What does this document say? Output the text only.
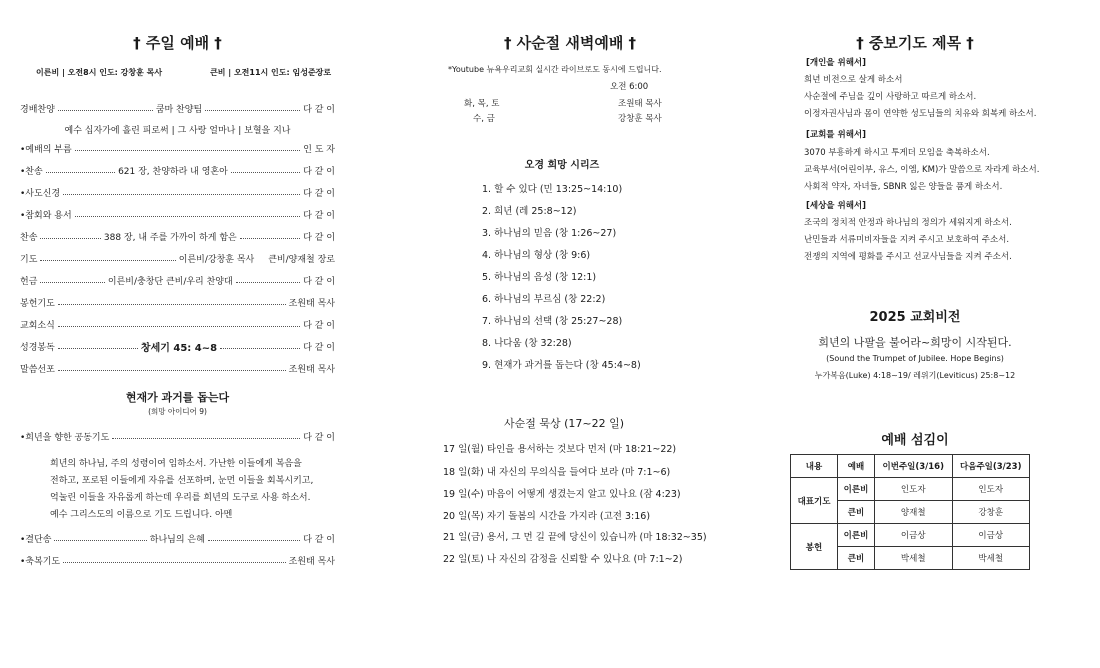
† 주일 예배 †
이른비 | 오전8시 인도: 강창훈 목사	큰비 | 오전11시 인도: 임성준장로
경배찬양	쿰마 찬양팀	다 같 이
예수 십자가에 흘린 피로써 | 그 사랑 얼마나 | 보혈을 지나
•예배의 부름	인 도 자
•찬송	621 장, 찬양하라 내 영혼아	다 같 이
•사도신경	다 같 이
•참회와 용서	다 같 이
찬송	388 장, 내 주를 가까이 하게 함은	다 같 이
기도	이른비/강창훈 목사 큰비/양재철 장로
헌금	이른비/충창단 큰비/우리 찬양대	다 같 이
봉헌기도	조원태 목사
교회소식	다 같 이
성경봉독	창세기 45: 4~8	다 같 이
말씀선포	조원태 목사
현재가 과거를 돕는다
(희망 아이디어 9)
•희년을 향한 공동기도	다 같 이
희년의 하나님, 주의 성령이여 임하소서. 가난한 이들에게 복음을
전하고, 포로된 이들에게 자유를 선포하며, 눈먼 이들을 회복시키고,
억눌린 이들을 자유롭게 하는데 우리를 희년의 도구로 사용 하소서.
예수 그리스도의 이름으로 기도 드립니다. 아멘
•결단송	하나님의 은혜	다 같 이
•축복기도	조원태 목사
† 사순절 새벽예배 †
*Youtube 뉴욕우리교회 실시간 라이브로도 동시에 드립니다.
오전 6:00
화, 목, 토	조원태 목사
수, 금	강창훈 목사
오경 희망 시리즈
1. 할 수 있다 (민 13:25~14:10)
2. 희년 (레 25:8~12)
3. 하나님의 믿음 (창 1:26~27)
4. 하나님의 형상 (창 9:6)
5. 하나님의 음성 (창 12:1)
6. 하나님의 부르심 (창 22:2)
7. 하나님의 선택 (창 25:27~28)
8. 나다움 (창 32:28)
9. 현재가 과거를 돕는다 (창 45:4~8)
사순절 묵상 (17~22 일)
17 일(월) 타인을 용서하는 것보다 먼저 (마 18:21~22)
18 일(화) 내 자신의 무의식을 들여다 보라 (마 7:1~6)
19 일(수) 마음이 어떻게 생겼는지 알고 있나요 (잠 4:23)
20 일(목) 자기 돌봄의 시간을 가지라 (고전 3:16)
21 일(금) 용서, 그 먼 길 끝에 당신이 있습니까 (마 18:32~35)
22 일(토) 나 자신의 감정을 신뢰할 수 있나요 (마 7:1~2)
† 중보기도 제목 †
[개인을 위해서]
희년 비전으로 살게 하소서
사순절에 주님을 깊이 사랑하고 따르게 하소서.
이정자권사님과 몸이 연약한 성도님들의 치유와 회복케 하소서.
[교회를 위해서]
3070 부흥하게 하시고 투게더 모임을 축복하소서.
교육부서(어린이부, 유스, 이엠, KM)가 말씀으로 자라게 하소서.
사회적 약자, 자녀들, SBNR 잃은 양들을 품게 하소서.
[세상을 위해서]
조국의 정치적 안정과 하나님의 정의가 세워지게 하소서.
난민들과 서류미비자들을 지켜 주시고 보호하여 주소서.
전쟁의 지역에 평화를 주시고 선교사님들을 지켜 주소서.
2025 교회비전
희년의 나팔을 불어라~희망이 시작된다.
(Sound the Trumpet of Jubilee. Hope Begins)
누가복음(Luke) 4:18~19/ 레위기(Leviticus) 25:8~12
예배 섬김이
내용	예배	이번주일(3/16)	다음주일(3/23)
대표기도	이른비	인도자	인도자
	큰비	양재철	강창훈
봉헌	이른비	이금상	이금상
	큰비	박세철	박세철
